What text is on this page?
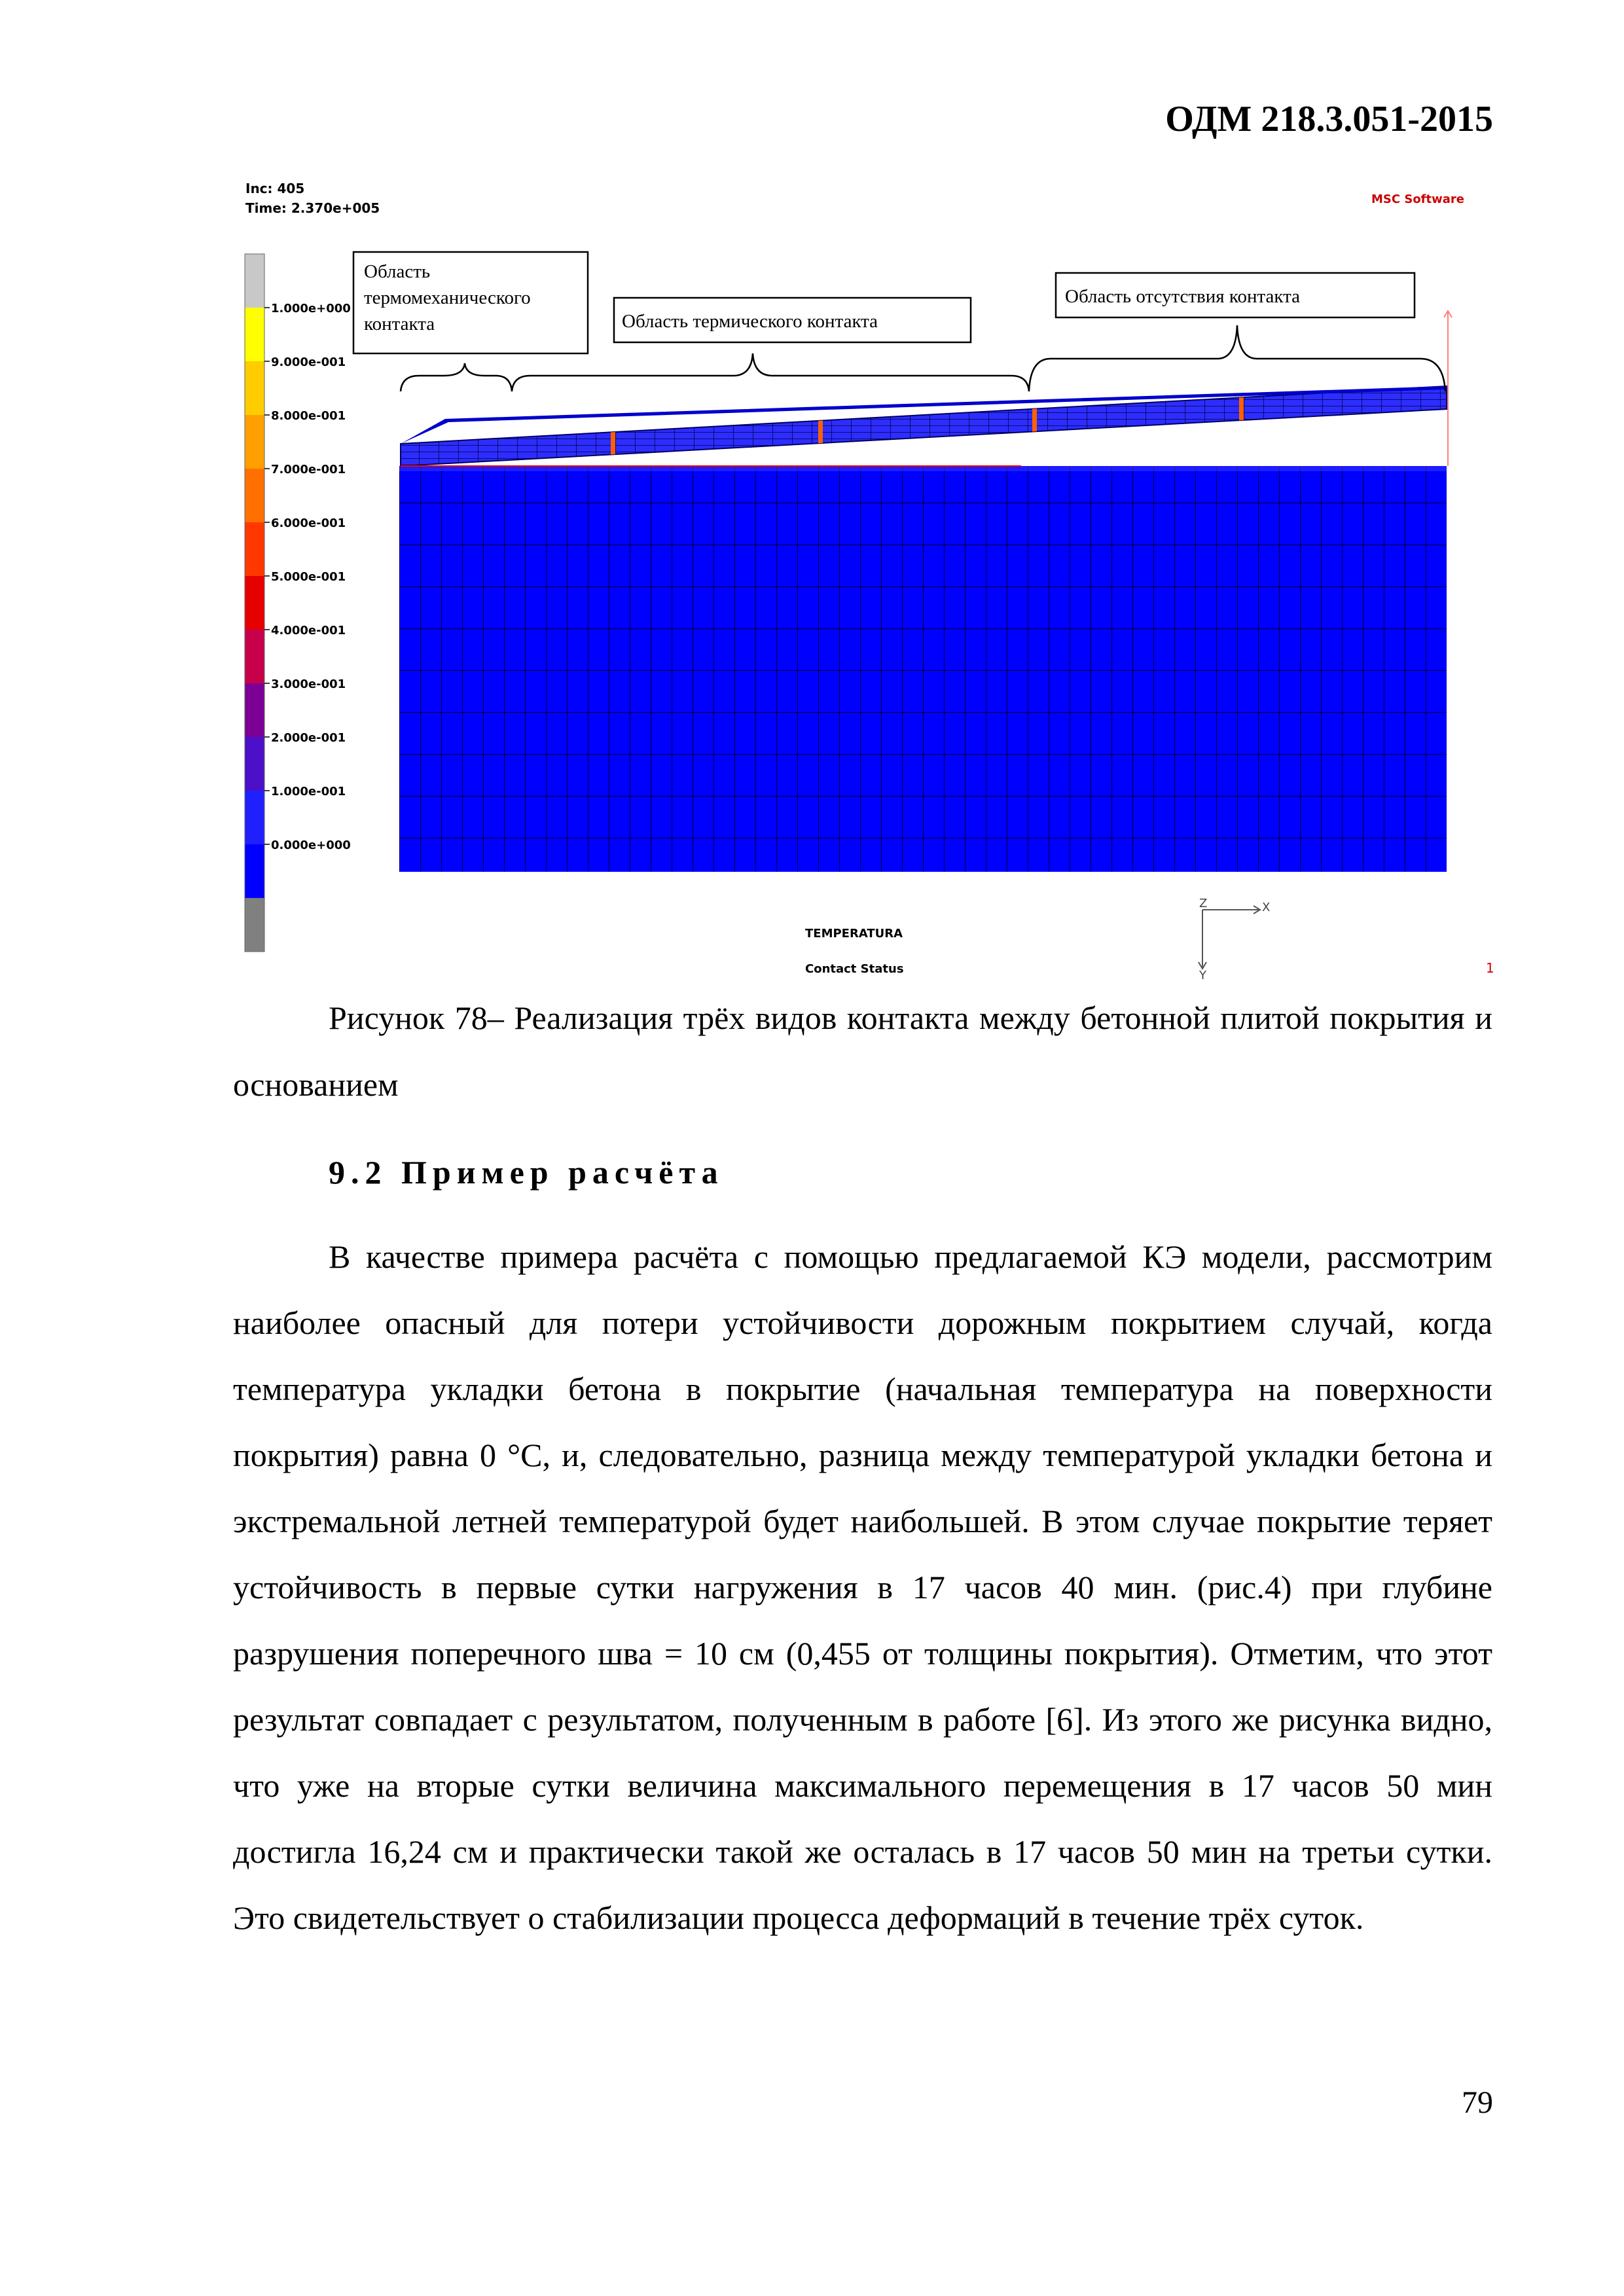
ОДМ 218.3.051-2015
Inc: 405
Time: 2.370e+005
MSC Software
1.000e+000
9.000e-001
8.000e-001
7.000e-001
6.000e-001
5.000e-001
4.000e-001
3.000e-001
2.000e-001
1.000e-001
0.000e+000
Область
термомеханического
контакта	Область термического контакта
Область отсутствия контакта
Z	X
Y
TEMPERATURA
Contact Status	1
Рисунок 78– Реализация трёх видов контакта между бетонной плитой покрытия и основанием
9.2 Пример расчёта
В качестве примера расчёта с помощью предлагаемой КЭ модели, рассмотрим наиболее опасный для потери устойчивости дорожным покрытием случай, когда температура укладки бетона в покрытие (начальная температура на поверхности покрытия) равна 0 °С, и, следовательно, разница между температурой укладки бетона и экстремальной летней температурой будет наибольшей. В этом случае покрытие теряет устойчивость в первые сутки нагружения в 17 часов 40 мин. (рис.4) при глубине разрушения поперечного шва = 10 см (0,455 от толщины покрытия). Отметим, что этот результат совпадает с результатом, полученным в работе [6]. Из этого же рисунка видно, что уже на вторые сутки величина максимального перемещения в 17 часов 50 мин достигла 16,24 см и практически такой же осталась в 17 часов 50 мин на третьи сутки. Это свидетельствует о стабилизации процесса деформаций в течение трёх суток.
79
